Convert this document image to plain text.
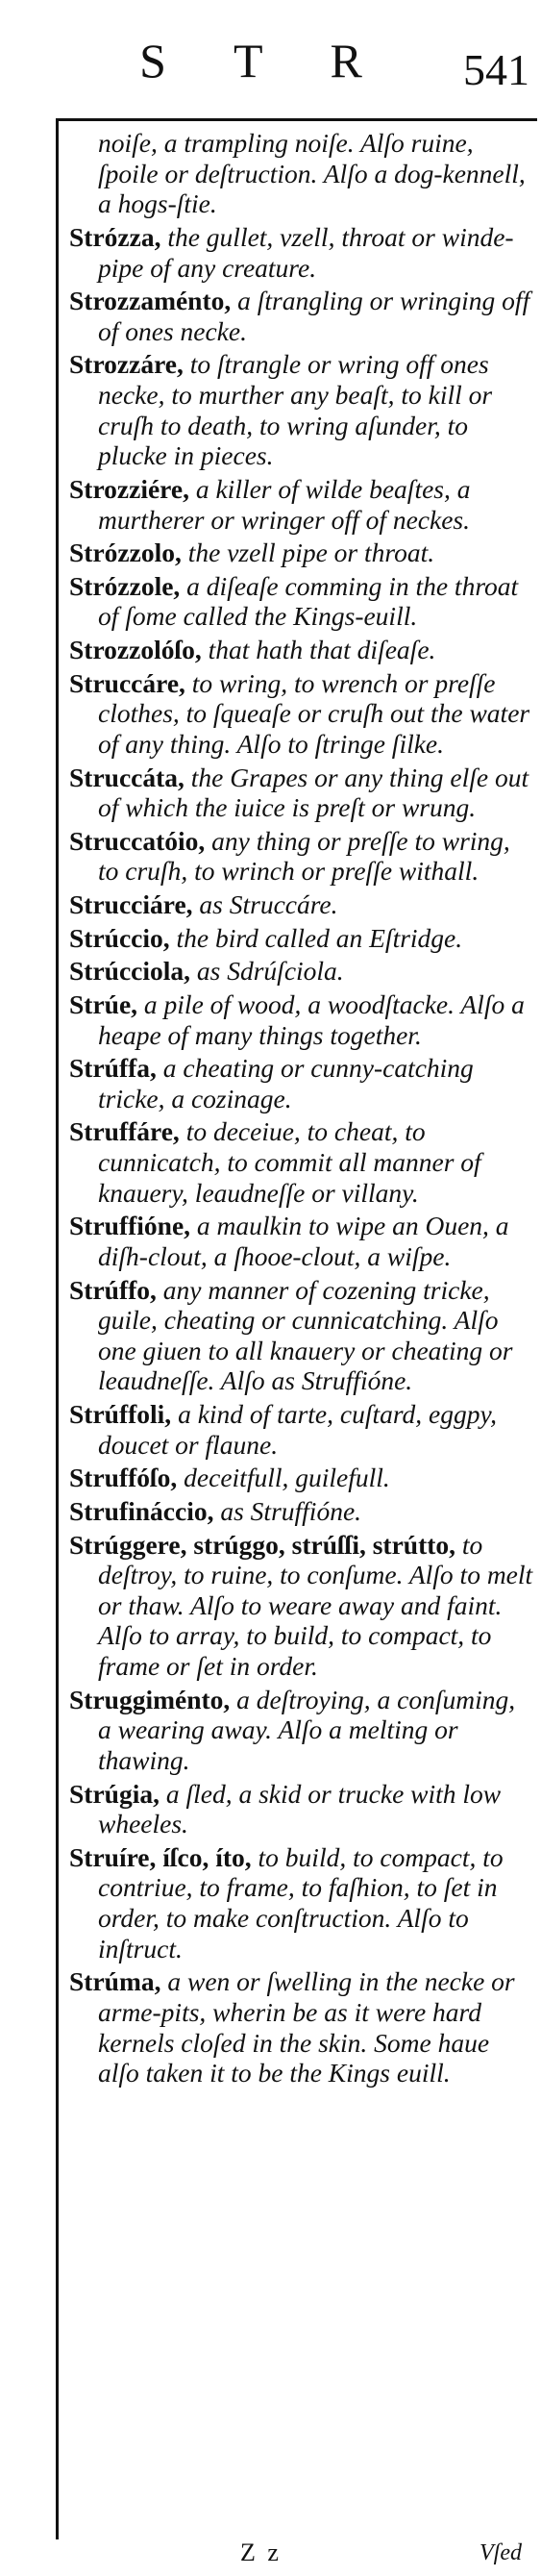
S T R 541

noiſe, a trampling noiſe. Alſo ruine, ſpoile or deſtruction. Alſo a dog-kennell, a hogs-ſtie.

Strózza, the gullet, vzell, throat or winde-pipe of any creature.

Strozzaménto, a ſtrangling or wringing off of ones necke.

Strozzáre, to ſtrangle or wring off ones necke, to murther any beaſt, to kill or cruſh to death, to wring aſunder, to plucke in pieces.

Strozziére, a killer of wilde beaſtes, a murtherer or wringer off of neckes.

Strózzolo, the vzell pipe or throat.

Strózzole, a diſeaſe comming in the throat of ſome called the Kings-euill.

Strozzolóſo, that hath that diſeaſe.

Struccáre, to wring, to wrench or preſſe clothes, to ſqueaſe or cruſh out the water of any thing. Alſo to ſtringe ſilke.

Struccáta, the Grapes or any thing elſe out of which the iuice is preſt or wrung.

Struccatóio, any thing or preſſe to wring, to cruſh, to wrinch or preſſe withall.

Strucciáre, as Struccáre.

Strúccio, the bird called an Eſtridge.

Strúcciola, as Sdrúſciola.

Strúe, a pile of wood, a woodſtacke. Alſo a heape of many things together.

Strúffa, a cheating or cunny-catching tricke, a cozinage.

Struffáre, to deceiue, to cheat, to cunnicatch, to commit all manner of knauery, leaudneſſe or villany.

Struffióne, a maulkin to wipe an Ouen, a diſh-clout, a ſhooe-clout, a wiſpe.

Strúffo, any manner of cozening tricke, guile, cheating or cunnicatching. Alſo one giuen to all knauery or cheating or leaudneſſe. Alſo as Struffióne.

Strúffoli, a kind of tarte, cuſtard, eggpy, doucet or flaune.

Struffóſo, deceitfull, guilefull.

Strufináccio, as Struffióne.

Strúggere, strúggo, strúſſi, strútto, to deſtroy, to ruine, to conſume. Alſo to melt or thaw. Alſo to weare away and faint. Alſo to array, to build, to compact, to frame or ſet in order.

Struggiménto, a deſtroying, a conſuming, a wearing away. Alſo a melting or thawing.

Strúgia, a ſled, a skid or trucke with low wheeles.

Struíre, íſco, íto, to build, to compact, to contriue, to frame, to faſhion, to ſet in order, to make conſtruction. Alſo to inſtruct.

Strúma, a wen or ſwelling in the necke or arme-pits, wherin be as it were hard kernels cloſed in the skin. Some haue alſo taken it to be the Kings euill.

Z z	Vſed
